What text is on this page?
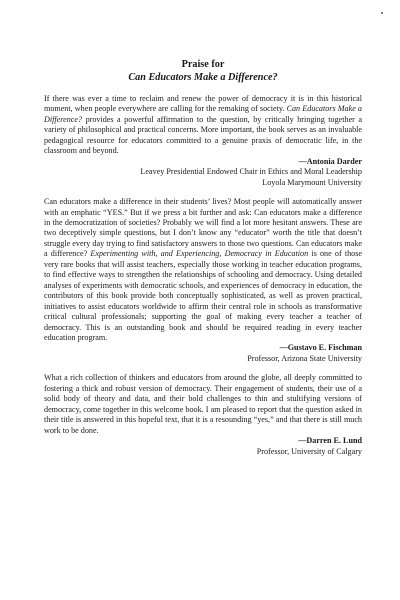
Praise for
Can Educators Make a Difference?

If there was ever a time to reclaim and renew the power of democracy it is in this historical moment, when people everywhere are calling for the remaking of society. Can Educators Make a Difference? provides a powerful affirmation to the question, by critically bringing together a variety of philosophical and practical concerns. More important, the book serves as an invaluable pedagogical resource for educators committed to a genuine praxis of democratic life, in the classroom and beyond.

—Antonia Darder
Leavey Presidential Endowed Chair in Ethics and Moral Leadership
Loyola Marymount University

Can educators make a difference in their students’ lives? Most people will automatically answer with an emphatic “YES.” But if we press a bit further and ask: Can educators make a difference in the democratization of societies? Probably we will find a lot more hesitant answers. These are two deceptively simple questions, but I don’t know any “educator” worth the title that doesn’t struggle every day trying to find satisfactory answers to those two questions. Can educators make a difference? Experimenting with, and Experiencing, Democracy in Education is one of those very rare books that will assist teachers, especially those working in teacher education programs, to find effective ways to strengthen the relationships of schooling and democracy. Using detailed analyses of experiments with democratic schools, and experiences of democracy in education, the contributors of this book provide both conceptually sophisticated, as well as proven practical, initiatives to assist educators worldwide to affirm their central role in schools as transformative critical cultural professionals; supporting the goal of making every teacher a teacher of democracy. This is an outstanding book and should be required reading in every teacher education program.

—Gustavo E. Fischman
Professor, Arizona State University

What a rich collection of thinkers and educators from around the globe, all deeply committed to fostering a thick and robust version of democracy. Their engagement of students, their use of a solid body of theory and data, and their bold challenges to thin and stultifying versions of democracy, come together in this welcome book. I am pleased to report that the question asked in their title is answered in this hopeful text, that it is a resounding “yes,” and that there is still much work to be done.

—Darren E. Lund
Professor, University of Calgary
